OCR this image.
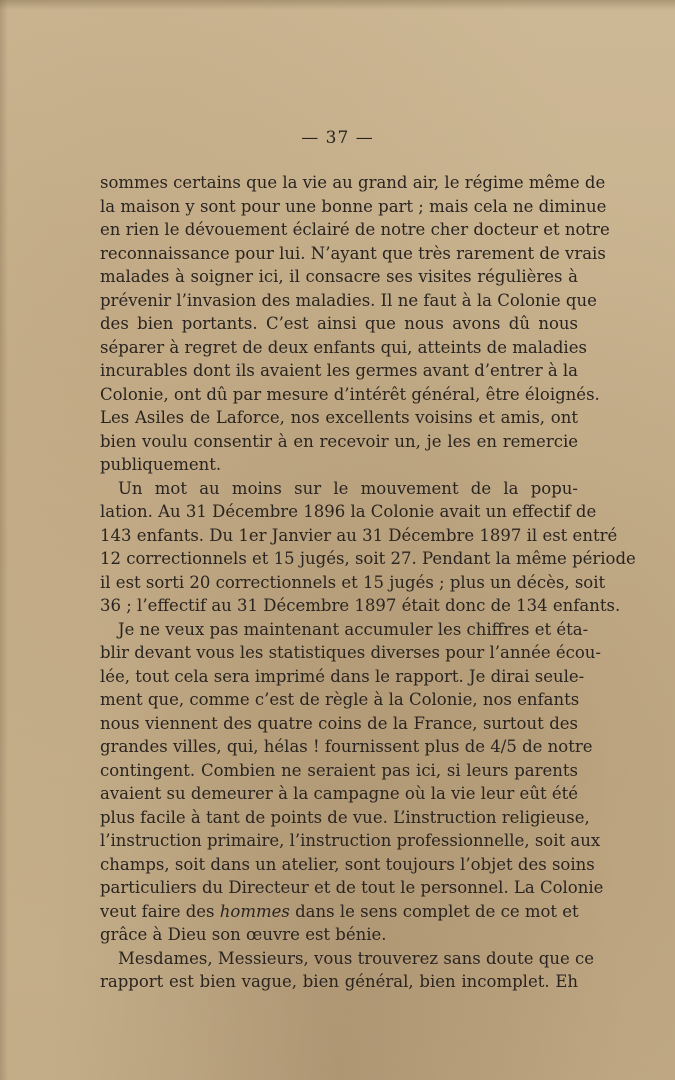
— 37 —
sommes certains que la vie au grand air, le régime même de
la maison y sont pour une bonne part ; mais cela ne diminue
en rien le dévouement éclairé de notre cher docteur et notre
reconnaissance pour lui. N’ayant que très rarement de vrais
malades à soigner ici, il consacre ses visites régulières à
prévenir l’invasion des maladies. Il ne faut à la Colonie que
des bien portants. C’est ainsi que nous avons dû nous
séparer à regret de deux enfants qui, atteints de maladies
incurables dont ils avaient les germes avant d’entrer à la
Colonie, ont dû par mesure d’intérêt général, être éloignés.
Les Asiles de Laforce, nos excellents voisins et amis, ont
bien voulu consentir à en recevoir un, je les en remercie
publiquement.
Un mot au moins sur le mouvement de la popu-
lation. Au 31 Décembre 1896 la Colonie avait un effectif de
143 enfants. Du 1er Janvier au 31 Décembre 1897 il est entré
12 correctionnels et 15 jugés, soit 27. Pendant la même période
il est sorti 20 correctionnels et 15 jugés ; plus un décès, soit
36 ; l’effectif au 31 Décembre 1897 était donc de 134 enfants.
Je ne veux pas maintenant accumuler les chiffres et éta-
blir devant vous les statistiques diverses pour l’année écou-
lée, tout cela sera imprimé dans le rapport. Je dirai seule-
ment que, comme c’est de règle à la Colonie, nos enfants
nous viennent des quatre coins de la France, surtout des
grandes villes, qui, hélas ! fournissent plus de 4/5 de notre
contingent. Combien ne seraient pas ici, si leurs parents
avaient su demeurer à la campagne où la vie leur eût été
plus facile à tant de points de vue. L’instruction religieuse,
l’instruction primaire, l’instruction professionnelle, soit aux
champs, soit dans un atelier, sont toujours l’objet des soins
particuliers du Directeur et de tout le personnel. La Colonie
veut faire des hommes dans le sens complet de ce mot et
grâce à Dieu son œuvre est bénie.
Mesdames, Messieurs, vous trouverez sans doute que ce
rapport est bien vague, bien général, bien incomplet. Eh
